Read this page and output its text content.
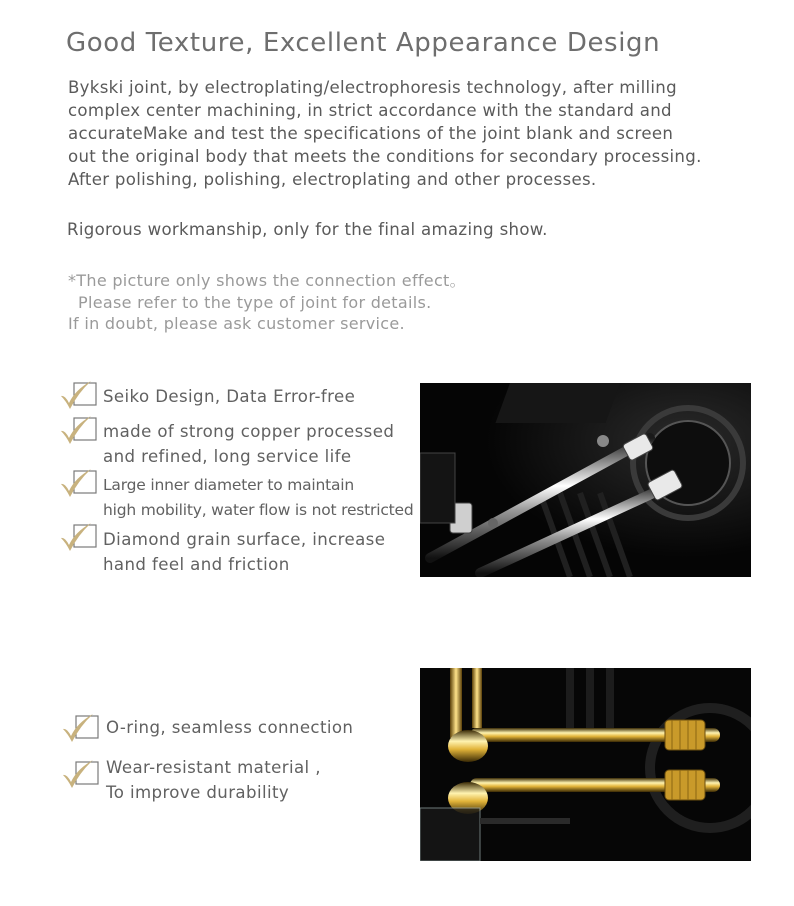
Good Texture, Excellent Appearance Design
Bykski joint, by electroplating/electrophoresis technology, after milling
complex center machining, in strict accordance with the standard and
accurateMake and test the specifications of the joint blank and screen
out the original body that meets the conditions for secondary processing.
After polishing, polishing, electroplating and other processes.
Rigorous workmanship, only for the final amazing show.
*The picture only shows the connection effect。
Please refer to the type of joint for details.
If in doubt, please ask customer service.
Seiko Design, Data Error-free
made of strong copper processed
and refined, long service life
Large inner diameter to maintain
high mobility, water flow is not restricted
Diamond grain surface, increase
hand feel and friction
O-ring, seamless connection
Wear-resistant material ,
To improve durability
